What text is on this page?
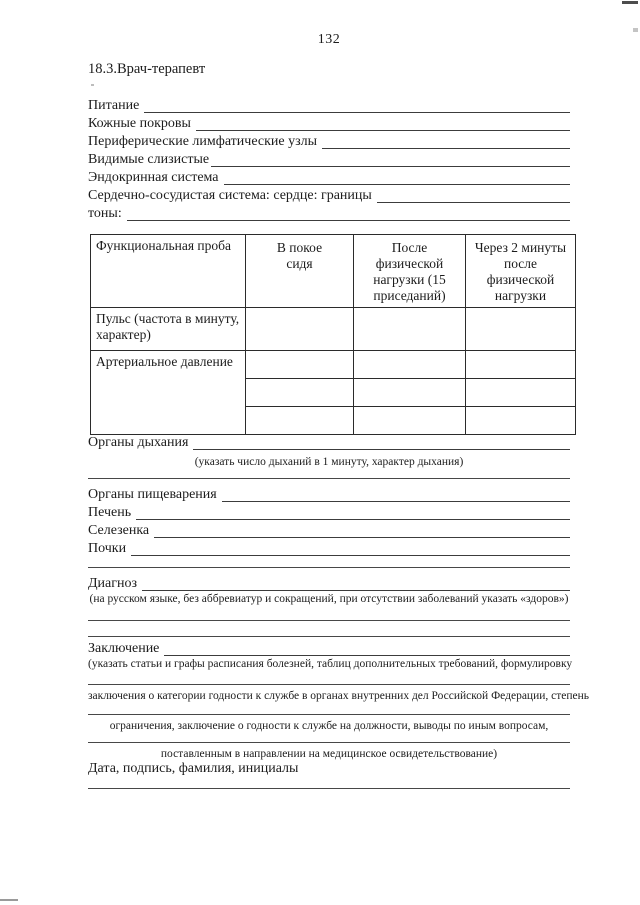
132
18.3.Врач-терапевт
Питание
Кожные покровы
Периферические лимфатические узлы
Видимые слизистые
Эндокринная система
Сердечно-сосудистая система: сердце: границы
тоны:
Функциональная проба	В покое сидя	После физической нагрузки (15 приседаний)	Через 2 минуты после физической нагрузки
Пульс (частота в минуту, характер)			
Артериальное давление			

Органы дыхания
(указать число дыханий в 1 минуту, характер дыхания)
Органы пищеварения
Печень
Селезенка
Почки
Диагноз
(на русском языке, без аббревиатур и сокращений, при отсутствии заболеваний указать «здоров»)
Заключение
(указать статьи и графы расписания болезней, таблиц дополнительных требований, формулировку
заключения о категории годности к службе в органах внутренних дел Российской Федерации, степень
ограничения, заключение о годности к службе на должности, выводы по иным вопросам,
поставленным в направлении на медицинское освидетельствование)
Дата, подпись, фамилия, инициалы
